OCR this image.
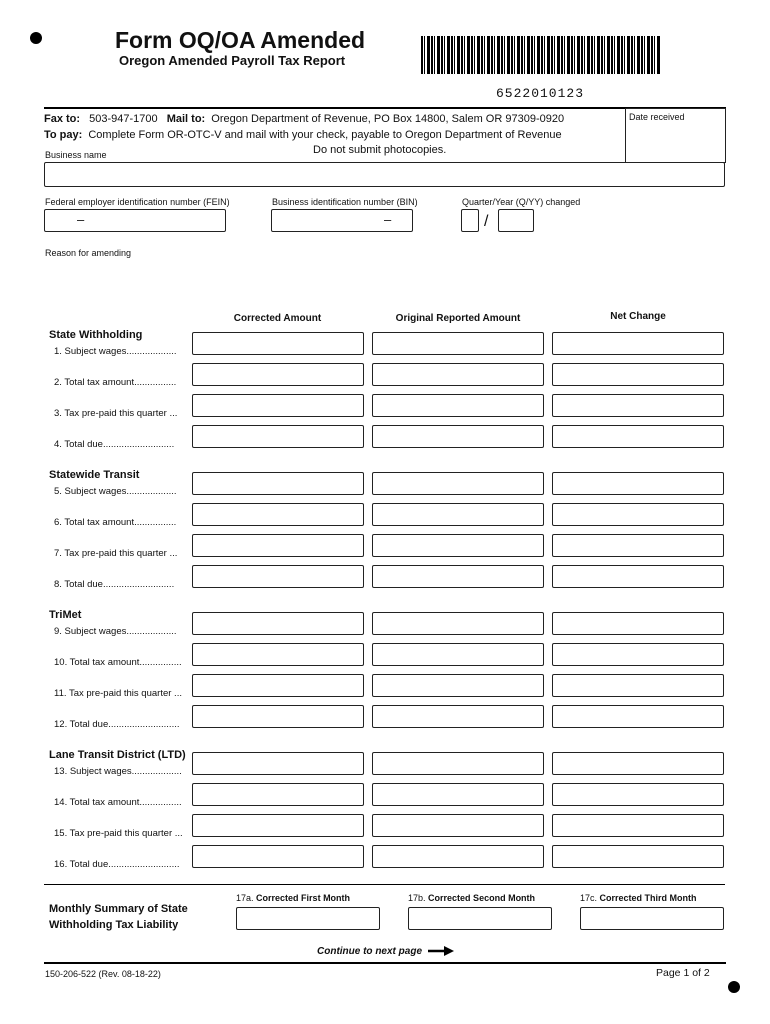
Form OQ/OA Amended
Oregon Amended Payroll Tax Report
6522010123
Fax to: 503-947-1700 Mail to: Oregon Department of Revenue, PO Box 14800, Salem OR 97309-0920
To pay: Complete Form OR-OTC-V and mail with your check, payable to Oregon Department of Revenue
Do not submit photocopies.
Date received
Business name
Federal employer identification number (FEIN)
–
Business identification number (BIN)
–
Quarter/Year (Q/YY) changed
/
Reason for amending
Corrected Amount	Original Reported Amount	Net Change
State Withholding
1. Subject wages...................
2. Total tax amount................
3. Tax pre-paid this quarter ...
4. Total due...........................
Statewide Transit
5. Subject wages...................
6. Total tax amount................
7. Tax pre-paid this quarter ...
8. Total due...........................
TriMet
9. Subject wages...................
10. Total tax amount................
11. Tax pre-paid this quarter ...
12. Total due...........................
Lane Transit District (LTD)
13. Subject wages...................
14. Total tax amount................
15. Tax pre-paid this quarter ...
16. Total due...........................
Monthly Summary of State
Withholding Tax Liability
17a. Corrected First Month	17b. Corrected Second Month	17c. Corrected Third Month
Continue to next page
150-206-522 (Rev. 08-18-22)	Page 1 of 2
